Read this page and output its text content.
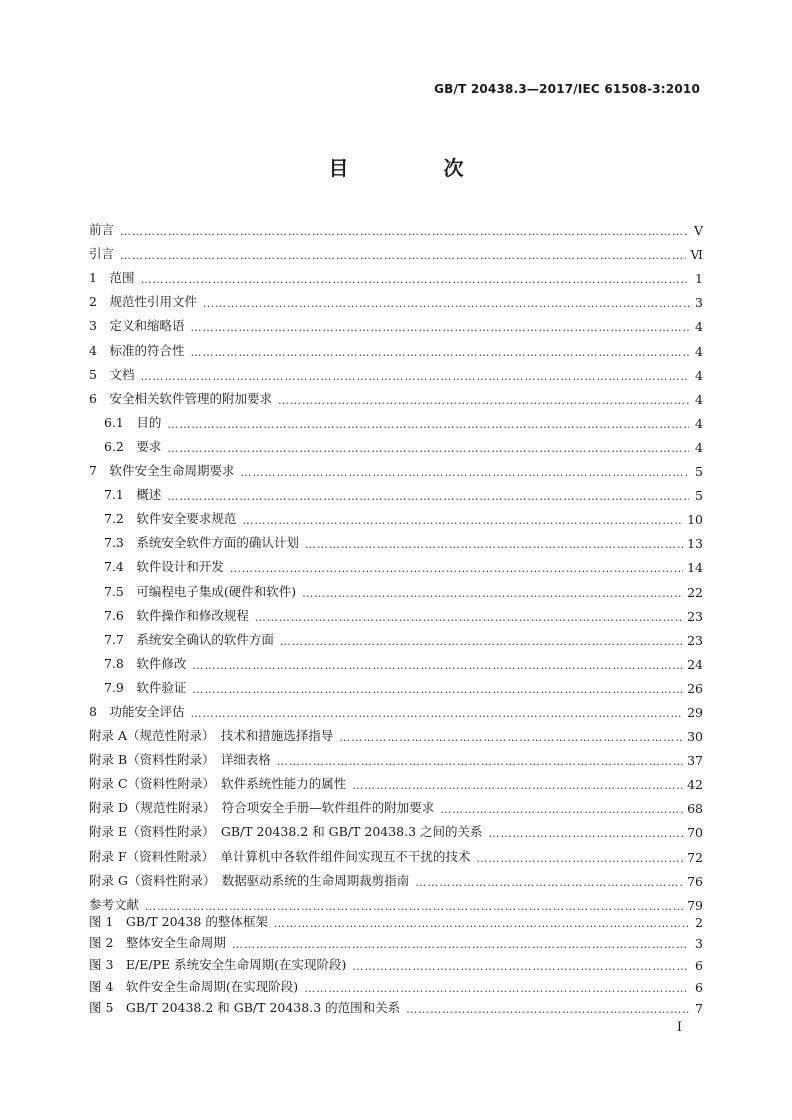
GB/T 20438.3—2017/IEC 61508-3:2010
目 次
前言 ………………………………………………………………………………………………………………………………………………………………………………………………………………………………………………	Ⅴ
引言 ………………………………………………………………………………………………………………………………………………………………………………………………………………………………………………	Ⅵ
1　范围 ………………………………………………………………………………………………………………………………………………………………………………………………………………………………………………	1
2　规范性引用文件 ………………………………………………………………………………………………………………………………………………………………………………………………………………………………………………	3
3　定义和缩略语 ………………………………………………………………………………………………………………………………………………………………………………………………………………………………………………	4
4　标准的符合性 ………………………………………………………………………………………………………………………………………………………………………………………………………………………………………………	4
5　文档 ………………………………………………………………………………………………………………………………………………………………………………………………………………………………………………	4
6　安全相关软件管理的附加要求 ………………………………………………………………………………………………………………………………………………………………………………………………………………………………………………	4
6.1　目的 ………………………………………………………………………………………………………………………………………………………………………………………………………………………………………………	4
6.2　要求 ………………………………………………………………………………………………………………………………………………………………………………………………………………………………………………	4
7　软件安全生命周期要求 ………………………………………………………………………………………………………………………………………………………………………………………………………………………………………………	5
7.1　概述 ………………………………………………………………………………………………………………………………………………………………………………………………………………………………………………	5
7.2　软件安全要求规范 ………………………………………………………………………………………………………………………………………………………………………………………………………………………………………………	10
7.3　系统安全软件方面的确认计划 ………………………………………………………………………………………………………………………………………………………………………………………………………………………………………………	13
7.4　软件设计和开发 ………………………………………………………………………………………………………………………………………………………………………………………………………………………………………………	14
7.5　可编程电子集成(硬件和软件) ………………………………………………………………………………………………………………………………………………………………………………………………………………………………………………	22
7.6　软件操作和修改规程 ………………………………………………………………………………………………………………………………………………………………………………………………………………………………………………	23
7.7　系统安全确认的软件方面 ………………………………………………………………………………………………………………………………………………………………………………………………………………………………………………	23
7.8　软件修改 ………………………………………………………………………………………………………………………………………………………………………………………………………………………………………………	24
7.9　软件验证 ………………………………………………………………………………………………………………………………………………………………………………………………………………………………………………	26
8　功能安全评估 ………………………………………………………………………………………………………………………………………………………………………………………………………………………………………………	29
附录 A（规范性附录）　技术和措施选择指导 ………………………………………………………………………………………………………………………………………………………………………………………………………………………………………………	30
附录 B（资料性附录）　详细表格 ………………………………………………………………………………………………………………………………………………………………………………………………………………………………………………	37
附录 C（资料性附录）　软件系统性能力的属性 ………………………………………………………………………………………………………………………………………………………………………………………………………………………………………………	42
附录 D（规范性附录）　符合项安全手册—软件组件的附加要求 ………………………………………………………………………………………………………………………………………………………………………………………………………………………………………………	68
附录 E（资料性附录）　GB/T 20438.2 和 GB/T 20438.3 之间的关系 ………………………………………………………………………………………………………………………………………………………………………………………………………………………………………………	70
附录 F（资料性附录）　单计算机中各软件组件间实现互不干扰的技术 ………………………………………………………………………………………………………………………………………………………………………………………………………………………………………………	72
附录 G（资料性附录）　数据驱动系统的生命周期裁剪指南 ………………………………………………………………………………………………………………………………………………………………………………………………………………………………………………	76
参考文献 ………………………………………………………………………………………………………………………………………………………………………………………………………………………………………………	79
图 1　GB/T 20438 的整体框架 ………………………………………………………………………………………………………………………………………………………………………………………………………………………………………………	2
图 2　整体安全生命周期 ………………………………………………………………………………………………………………………………………………………………………………………………………………………………………………	3
图 3　E/E/PE 系统安全生命周期(在实现阶段) ………………………………………………………………………………………………………………………………………………………………………………………………………………………………………………	6
图 4　软件安全生命周期(在实现阶段) ………………………………………………………………………………………………………………………………………………………………………………………………………………………………………………	6
图 5　GB/T 20438.2 和 GB/T 20438.3 的范围和关系 ………………………………………………………………………………………………………………………………………………………………………………………………………………………………………………	7
I
